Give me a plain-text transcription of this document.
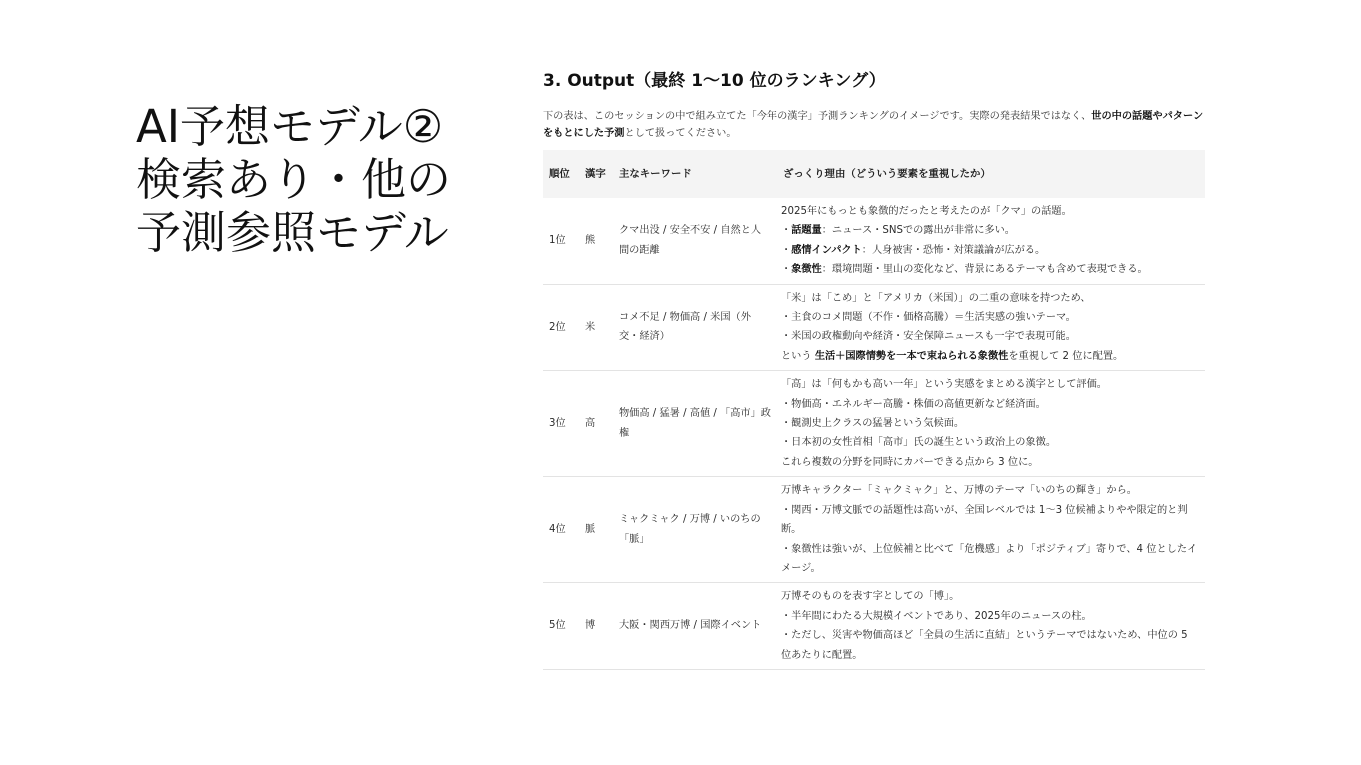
AI予想モデル②
検索あり・他の
予測参照モデル
3. Output（最終 1〜10 位のランキング）
下の表は、このセッションの中で組み立てた「今年の漢字」予測ランキングのイメージです。実際の発表結果ではなく、世の中の話題やパターンをもとにした予測として扱ってください。
順位	漢字	主なキーワード	ざっくり理由（どういう要素を重視したか）
1位	熊	クマ出没 / 安全不安 / 自然と人間の距離	2025年にもっとも象徴的だったと考えたのが「クマ」の話題。
・話題量：ニュース・SNSでの露出が非常に多い。
・感情インパクト：人身被害・恐怖・対策議論が広がる。
・象徴性：環境問題・里山の変化など、背景にあるテーマも含めて表現できる。

2位	米	コメ不足 / 物価高 / 米国（外交・経済）	「米」は「こめ」と「アメリカ（米国）」の二重の意味を持つため、
・主食のコメ問題（不作・価格高騰）＝生活実感の強いテーマ。
・米国の政権動向や経済・安全保障ニュースも一字で表現可能。
という 生活＋国際情勢を一本で束ねられる象徴性を重視して 2 位に配置。

3位	高	物価高 / 猛暑 / 高値 / 「高市」政権	「高」は「何もかも高い一年」という実感をまとめる漢字として評価。
・物価高・エネルギー高騰・株価の高値更新など経済面。
・観測史上クラスの猛暑という気候面。
・日本初の女性首相「高市」氏の誕生という政治上の象徴。
これら複数の分野を同時にカバーできる点から 3 位に。

4位	脈	ミャクミャク / 万博 / いのちの「脈」	万博キャラクター「ミャクミャク」と、万博のテーマ「いのちの輝き」から。
・関西・万博文脈での話題性は高いが、全国レベルでは 1〜3 位候補よりやや限定的と判断。
・象徴性は強いが、上位候補と比べて「危機感」より「ポジティブ」寄りで、4 位としたイメージ。

5位	博	大阪・関西万博 / 国際イベント	万博そのものを表す字としての「博」。
・半年間にわたる大規模イベントであり、2025年のニュースの柱。
・ただし、災害や物価高ほど「全員の生活に直結」というテーマではないため、中位の 5 位あたりに配置。
